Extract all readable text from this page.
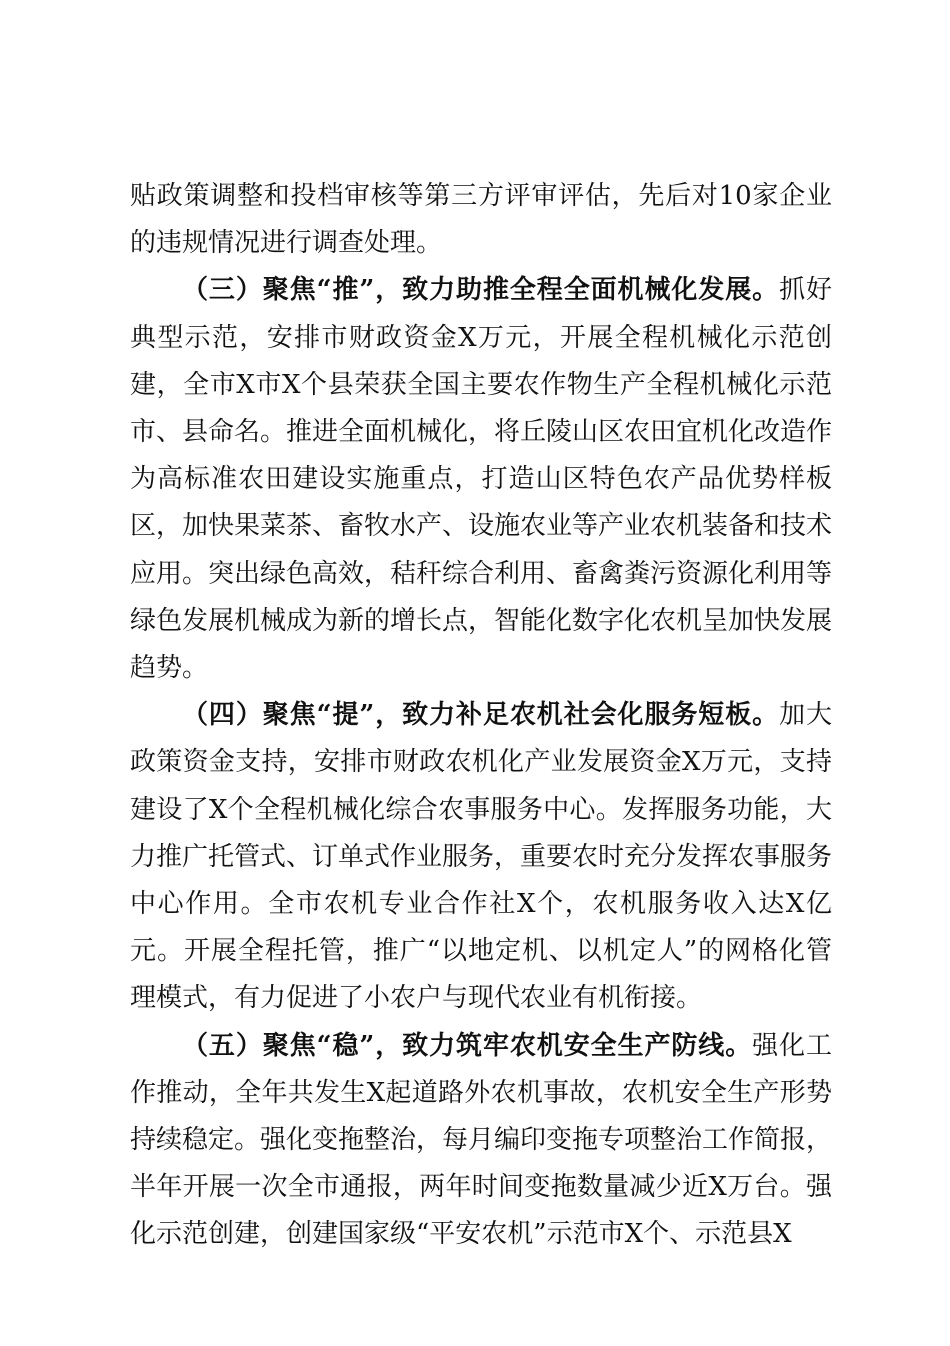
贴政策调整和投档审核等第三方评审评估，先后对10家企业的违规情况进行调查处理。

（三）聚焦“推”，致力助推全程全面机械化发展。抓好典型示范，安排市财政资金X万元，开展全程机械化示范创建，全市X市X个县荣获全国主要农作物生产全程机械化示范市、县命名。推进全面机械化，将丘陵山区农田宜机化改造作为高标准农田建设实施重点，打造山区特色农产品优势样板区，加快果菜茶、畜牧水产、设施农业等产业农机装备和技术应用。突出绿色高效，秸秆综合利用、畜禽粪污资源化利用等绿色发展机械成为新的增长点，智能化数字化农机呈加快发展趋势。

（四）聚焦“提”，致力补足农机社会化服务短板。加大政策资金支持，安排市财政农机化产业发展资金X万元，支持建设了X个全程机械化综合农事服务中心。发挥服务功能，大力推广托管式、订单式作业服务，重要农时充分发挥农事服务中心作用。全市农机专业合作社X个，农机服务收入达X亿元。开展全程托管，推广“以地定机、以机定人”的网格化管理模式，有力促进了小农户与现代农业有机衔接。

（五）聚焦“稳”，致力筑牢农机安全生产防线。强化工作推动，全年共发生X起道路外农机事故，农机安全生产形势持续稳定。强化变拖整治，每月编印变拖专项整治工作简报，半年开展一次全市通报，两年时间变拖数量减少近X万台。强化示范创建，创建国家级“平安农机”示范市X个、示范县X
